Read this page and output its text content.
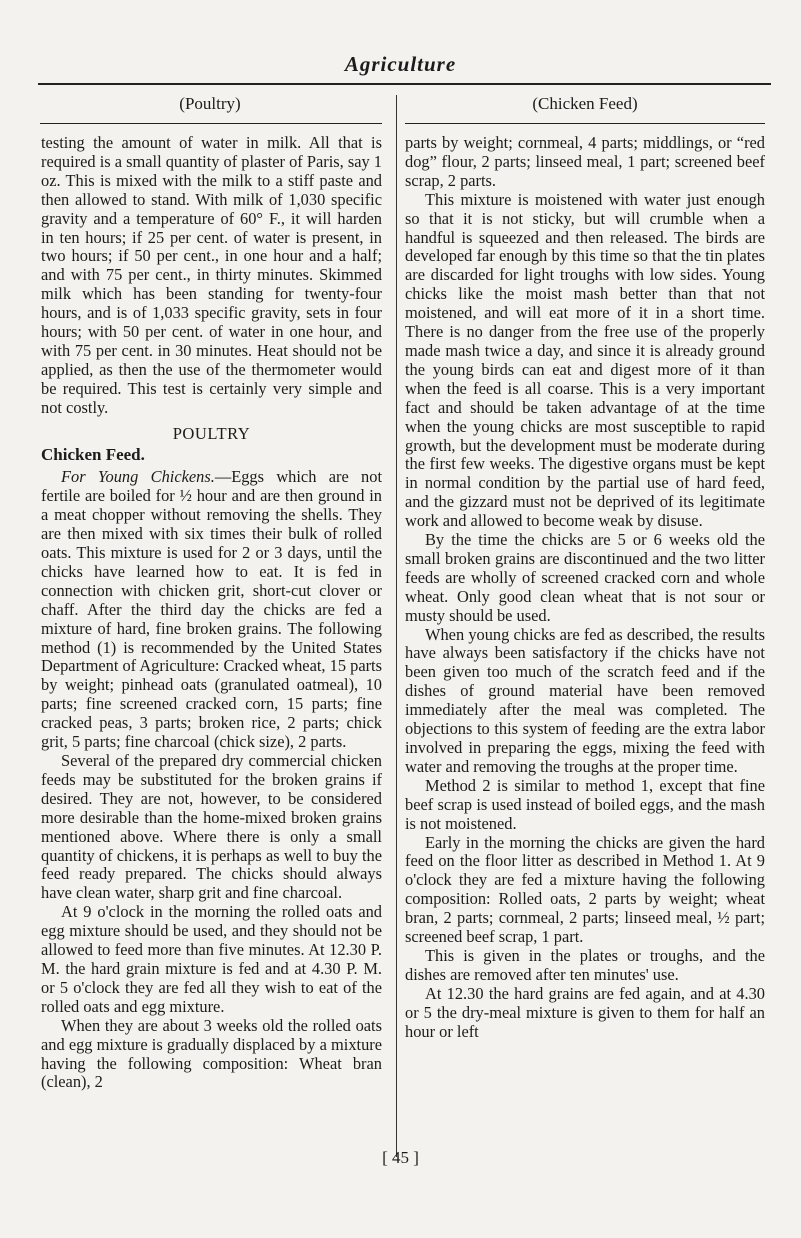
Agriculture
(Poultry)	(Chicken Feed)

testing the amount of water in milk. All that is required is a small quantity of plaster of Paris, say 1 oz. This is mixed with the milk to a stiff paste and then allowed to stand. With milk of 1,030 specific gravity and a temperature of 60° F., it will harden in ten hours; if 25 per cent. of water is present, in two hours; if 50 per cent., in one hour and a half; and with 75 per cent., in thirty minutes. Skimmed milk which has been standing for twenty-four hours, and is of 1,033 specific gravity, sets in four hours; with 50 per cent. of water in one hour, and with 75 per cent. in 30 minutes. Heat should not be applied, as then the use of the thermometer would be required. This test is certainly very simple and not costly.

POULTRY
Chicken Feed.

For Young Chickens.—Eggs which are not fertile are boiled for ½ hour and are then ground in a meat chopper without removing the shells. They are then mixed with six times their bulk of rolled oats. This mixture is used for 2 or 3 days, until the chicks have learned how to eat. It is fed in connection with chicken grit, short-cut clover or chaff. After the third day the chicks are fed a mixture of hard, fine broken grains. The following method (1) is recommended by the United States Department of Agriculture: Cracked wheat, 15 parts by weight; pinhead oats (granulated oatmeal), 10 parts; fine screened cracked corn, 15 parts; fine cracked peas, 3 parts; broken rice, 2 parts; chick grit, 5 parts; fine charcoal (chick size), 2 parts.

Several of the prepared dry commercial chicken feeds may be substituted for the broken grains if desired. They are not, however, to be considered more desirable than the home-mixed broken grains mentioned above. Where there is only a small quantity of chickens, it is perhaps as well to buy the feed ready prepared. The chicks should always have clean water, sharp grit and fine charcoal.

At 9 o'clock in the morning the rolled oats and egg mixture should be used, and they should not be allowed to feed more than five minutes. At 12.30 P. M. the hard grain mixture is fed and at 4.30 P. M. or 5 o'clock they are fed all they wish to eat of the rolled oats and egg mixture.

When they are about 3 weeks old the rolled oats and egg mixture is gradually displaced by a mixture having the following composition: Wheat bran (clean), 2

parts by weight; cornmeal, 4 parts; middlings, or “red dog” flour, 2 parts; linseed meal, 1 part; screened beef scrap, 2 parts.

This mixture is moistened with water just enough so that it is not sticky, but will crumble when a handful is squeezed and then released. The birds are developed far enough by this time so that the tin plates are discarded for light troughs with low sides. Young chicks like the moist mash better than that not moistened, and will eat more of it in a short time. There is no danger from the free use of the properly made mash twice a day, and since it is already ground the young birds can eat and digest more of it than when the feed is all coarse. This is a very important fact and should be taken advantage of at the time when the young chicks are most susceptible to rapid growth, but the development must be moderate during the first few weeks. The digestive organs must be kept in normal condition by the partial use of hard feed, and the gizzard must not be deprived of its legitimate work and allowed to become weak by disuse.

By the time the chicks are 5 or 6 weeks old the small broken grains are discontinued and the two litter feeds are wholly of screened cracked corn and whole wheat. Only good clean wheat that is not sour or musty should be used.

When young chicks are fed as described, the results have always been satisfactory if the chicks have not been given too much of the scratch feed and if the dishes of ground material have been removed immediately after the meal was completed. The objections to this system of feeding are the extra labor involved in preparing the eggs, mixing the feed with water and removing the troughs at the proper time.

Method 2 is similar to method 1, except that fine beef scrap is used instead of boiled eggs, and the mash is not moistened.

Early in the morning the chicks are given the hard feed on the floor litter as described in Method 1. At 9 o'clock they are fed a mixture having the following composition: Rolled oats, 2 parts by weight; wheat bran, 2 parts; cornmeal, 2 parts; linseed meal, ½ part; screened beef scrap, 1 part.

This is given in the plates or troughs, and the dishes are removed after ten minutes' use.

At 12.30 the hard grains are fed again, and at 4.30 or 5 the dry-meal mixture is given to them for half an hour or left

[ 45 ]
